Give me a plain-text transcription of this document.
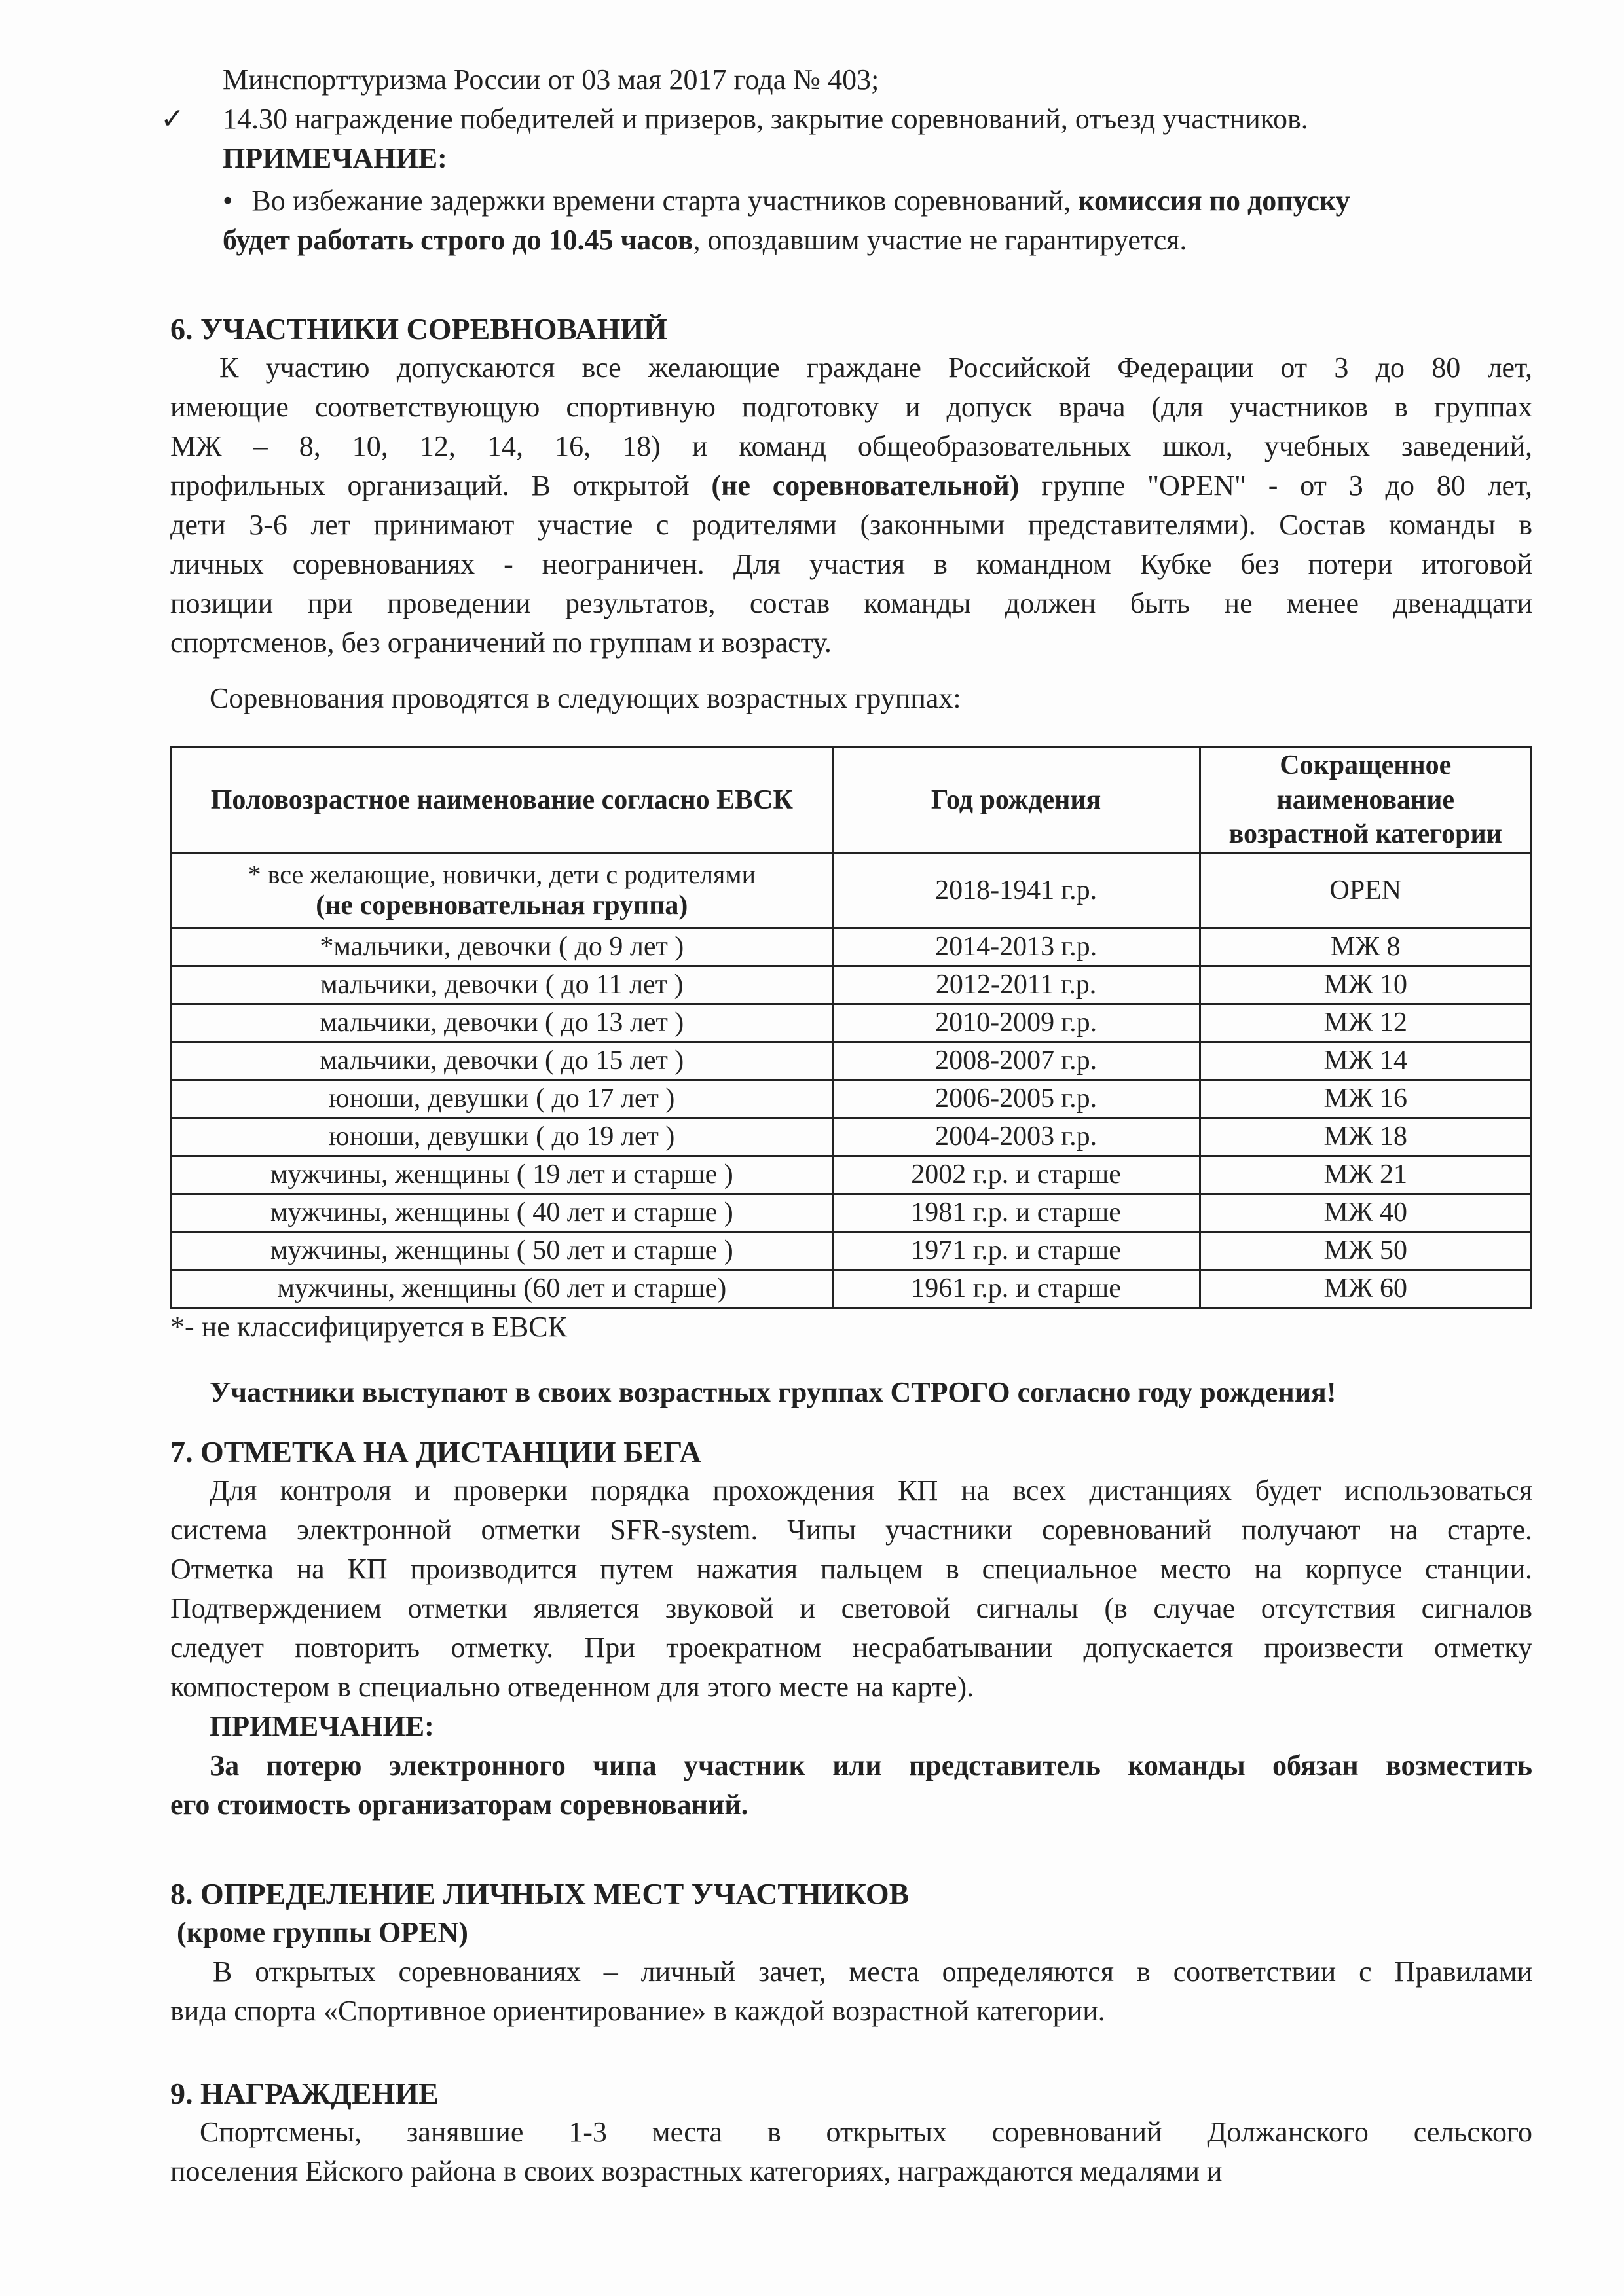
Минспорттуризма России от 03 мая 2017 года № 403;
✓ 14.30 награждение победителей и призеров, закрытие соревнований, отъезд участников.
ПРИМЕЧАНИЕ:
• Во избежание задержки времени старта участников соревнований, комиссия по допуску
будет работать строго до 10.45 часов, опоздавшим участие не гарантируется.
6. УЧАСТНИКИ СОРЕВНОВАНИЙ
К участию допускаются все желающие граждане Российской Федерации от 3 до 80 лет,
имеющие соответствующую спортивную подготовку и допуск врача (для участников в группах
МЖ – 8, 10, 12, 14, 16, 18) и команд общеобразовательных школ, учебных заведений,
профильных организаций. В открытой (не соревновательной) группе "OPEN" - от 3 до 80 лет,
дети 3-6 лет принимают участие с родителями (законными представителями). Состав команды в
личных соревнованиях - неограничен. Для участия в командном Кубке без потери итоговой
позиции при проведении результатов, состав команды должен быть не менее двенадцати
спортсменов, без ограничений по группам и возрасту.
Соревнования проводятся в следующих возрастных группах:
Половозрастное наименование согласно ЕВСК	Год рождения	Сокращенное наименование возрастной категории

* все желающие, новички, дети с родителями
(не соревновательная группа)	2018-1941 г.р.	OPEN
*мальчики, девочки ( до 9 лет )	2014-2013 г.р.	МЖ 8
мальчики, девочки ( до 11 лет )	2012-2011 г.р.	МЖ 10
мальчики, девочки ( до 13 лет )	2010-2009 г.р.	МЖ 12
мальчики, девочки ( до 15 лет )	2008-2007 г.р.	МЖ 14
юноши, девушки ( до 17 лет )	2006-2005 г.р.	МЖ 16
юноши, девушки ( до 19 лет )	2004-2003 г.р.	МЖ 18
мужчины, женщины ( 19 лет и старше )	2002 г.р. и старше	МЖ 21
мужчины, женщины ( 40 лет и старше )	1981 г.р. и старше	МЖ 40
мужчины, женщины ( 50 лет и старше )	1971 г.р. и старше	МЖ 50
мужчины, женщины (60 лет и старше)	1961 г.р. и старше	МЖ 60
*- не классифицируется в ЕВСК
Участники выступают в своих возрастных группах СТРОГО согласно году рождения!
7. ОТМЕТКА НА ДИСТАНЦИИ БЕГА
Для контроля и проверки порядка прохождения КП на всех дистанциях будет использоваться
система электронной отметки SFR-system. Чипы участники соревнований получают на старте.
Отметка на КП производится путем нажатия пальцем в специальное место на корпусе станции.
Подтверждением отметки является звуковой и световой сигналы (в случае отсутствия сигналов
следует повторить отметку. При троекратном несрабатывании допускается произвести отметку
компостером в специально отведенном для этого месте на карте).
ПРИМЕЧАНИЕ:
За потерю электронного чипа участник или представитель команды обязан возместить
его стоимость организаторам соревнований.
8. ОПРЕДЕЛЕНИЕ ЛИЧНЫХ МЕСТ УЧАСТНИКОВ
(кроме группы OPEN)
В открытых соревнованиях – личный зачет, места определяются в соответствии с Правилами
вида спорта «Спортивное ориентирование» в каждой возрастной категории.
9. НАГРАЖДЕНИЕ
Спортсмены, занявшие 1-3 места в открытых соревнований Должанского сельского
поселения Ейского района в своих возрастных категориях, награждаются медалями и
